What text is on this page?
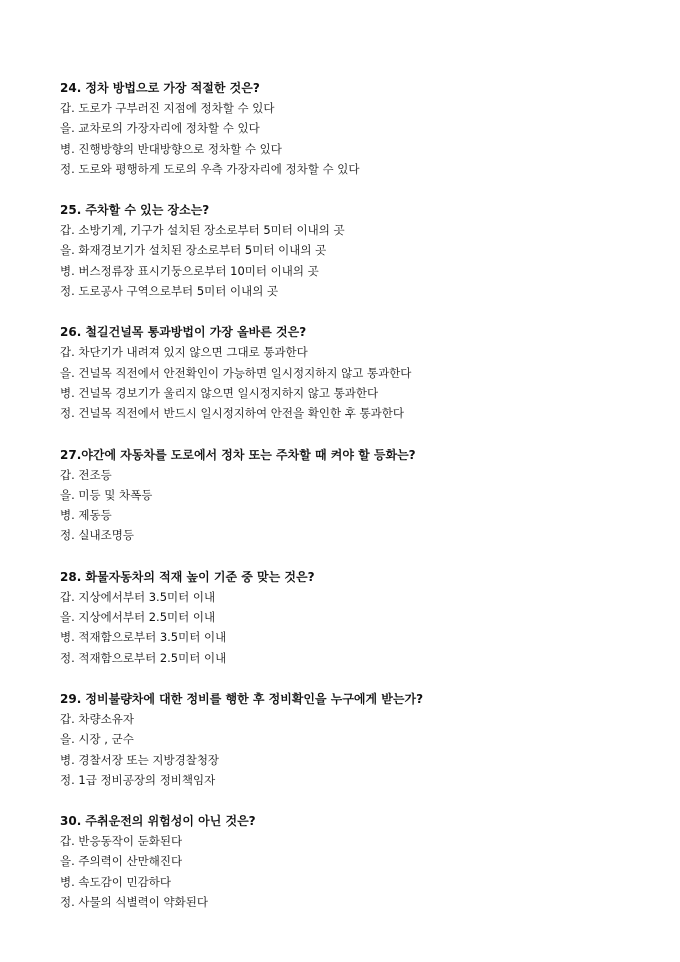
24. 정차 방법으로 가장 적절한 것은?

갑. 도로가 구부러진 지점에 정차할 수 있다

을. 교차로의 가장자리에 정차할 수 있다

병. 진행방향의 반대방향으로 정차할 수 있다

정. 도로와 평행하게 도로의 우측 가장자리에 정차할 수 있다

25. 주차할 수 있는 장소는?

갑. 소방기계, 기구가 설치된 장소로부터 5미터 이내의 곳

을. 화재경보기가 설치된 장소로부터 5미터 이내의 곳

병. 버스정류장 표시기둥으로부터 10미터 이내의 곳

정. 도로공사 구역으로부터 5미터 이내의 곳

26. 철길건널목 통과방법이 가장 올바른 것은?

갑. 차단기가 내려져 있지 않으면 그대로 통과한다

을. 건널목 직전에서 안전확인이 가능하면 일시정지하지 않고 통과한다

병. 건널목 경보기가 울리지 않으면 일시정지하지 않고 통과한다

정. 건널목 직전에서 반드시 일시정지하여 안전을 확인한 후 통과한다

27.야간에 자동차를 도로에서 정차 또는 주차할 때 켜야 할 등화는?

갑. 전조등

을. 미등 및 차폭등

병. 제동등

정. 실내조명등

28. 화물자동차의 적재 높이 기준 중 맞는 것은?

갑. 지상에서부터 3.5미터 이내

을. 지상에서부터 2.5미터 이내

병. 적재함으로부터 3.5미터 이내

정. 적재함으로부터 2.5미터 이내

29. 정비불량차에 대한 정비를 행한 후 정비확인을 누구에게 받는가?

갑. 차량소유자

을. 시장 , 군수

병. 경찰서장 또는 지방경찰청장

정. 1급 정비공장의 정비책임자

30. 주취운전의 위험성이 아닌 것은?

갑. 반응동작이 둔화된다

을. 주의력이 산만해진다

병. 속도감이 민감하다

정. 사물의 식별력이 약화된다
